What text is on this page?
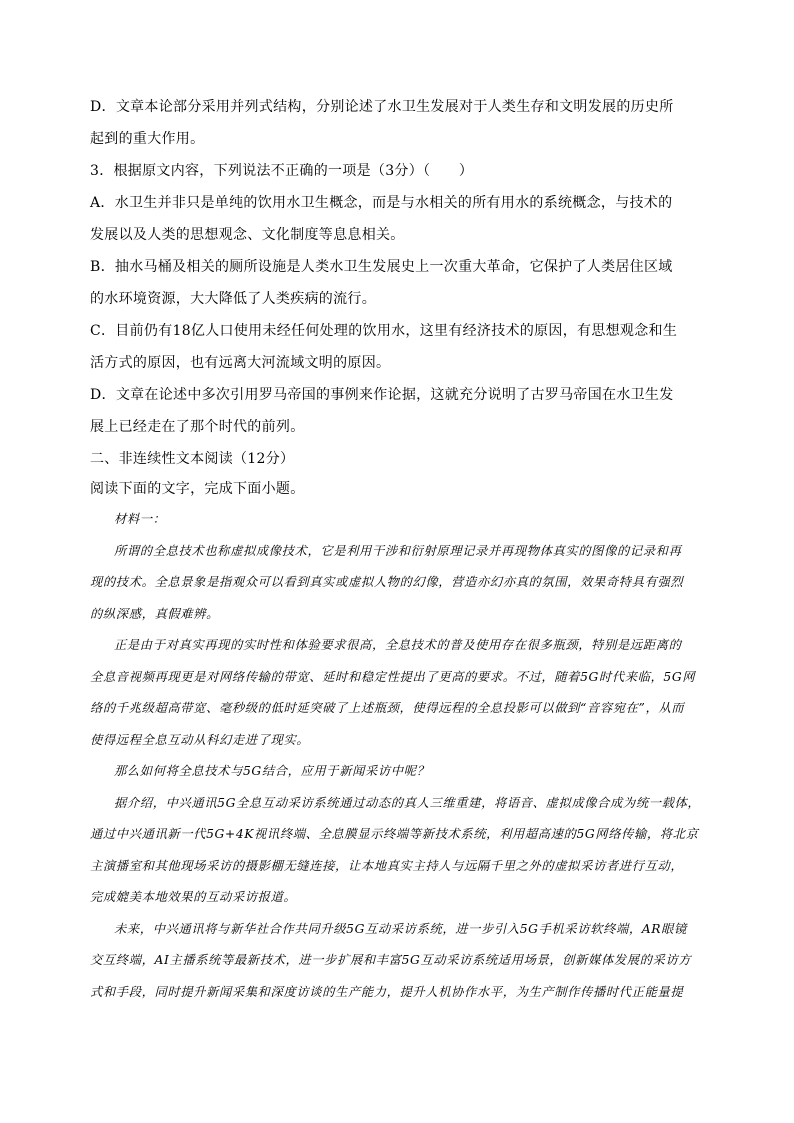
D．文章本论部分采用并列式结构，分别论述了水卫生发展对于人类生存和文明发展的历史所

起到的重大作用。

3．根据原文内容，下列说法不正确的一项是（3分）（　　）

A．水卫生并非只是单纯的饮用水卫生概念，而是与水相关的所有用水的系统概念，与技术的

发展以及人类的思想观念、文化制度等息息相关。

B．抽水马桶及相关的厕所设施是人类水卫生发展史上一次重大革命，它保护了人类居住区域

的水环境资源，大大降低了人类疾病的流行。

C．目前仍有18亿人口使用未经任何处理的饮用水，这里有经济技术的原因，有思想观念和生

活方式的原因，也有远离大河流域文明的原因。

D．文章在论述中多次引用罗马帝国的事例来作论据，这就充分说明了古罗马帝国在水卫生发

展上已经走在了那个时代的前列。

二、非连续性文本阅读（12分）

阅读下面的文字，完成下面小题。

材料一：

所谓的全息技术也称虚拟成像技术，它是利用干涉和衍射原理记录并再现物体真实的图像的记录和再

现的技术。全息景象是指观众可以看到真实或虚拟人物的幻像，营造亦幻亦真的氛围，效果奇特具有强烈

的纵深感，真假难辨。

正是由于对真实再现的实时性和体验要求很高，全息技术的普及使用存在很多瓶颈，特别是远距离的

全息音视频再现更是对网络传输的带宽、延时和稳定性提出了更高的要求。不过，随着5G时代来临，5G网

络的千兆级超高带宽、毫秒级的低时延突破了上述瓶颈，使得远程的全息投影可以做到“音容宛在”，从而

使得远程全息互动从科幻走进了现实。

那么如何将全息技术与5G结合，应用于新闻采访中呢？

据介绍，中兴通讯5G全息互动采访系统通过动态的真人三维重建，将语音、虚拟成像合成为统一载体，

通过中兴通讯新一代5G+4K视讯终端、全息膜显示终端等新技术系统，利用超高速的5G网络传输，将北京

主演播室和其他现场采访的摄影棚无缝连接，让本地真实主持人与远隔千里之外的虚拟采访者进行互动，

完成媲美本地效果的互动采访报道。

未来，中兴通讯将与新华社合作共同升级5G互动采访系统，进一步引入5G手机采访软终端，AR眼镜

交互终端，AI主播系统等最新技术，进一步扩展和丰富5G互动采访系统适用场景，创新媒体发展的采访方

式和手段，同时提升新闻采集和深度访谈的生产能力，提升人机协作水平，为生产制作传播时代正能量提
